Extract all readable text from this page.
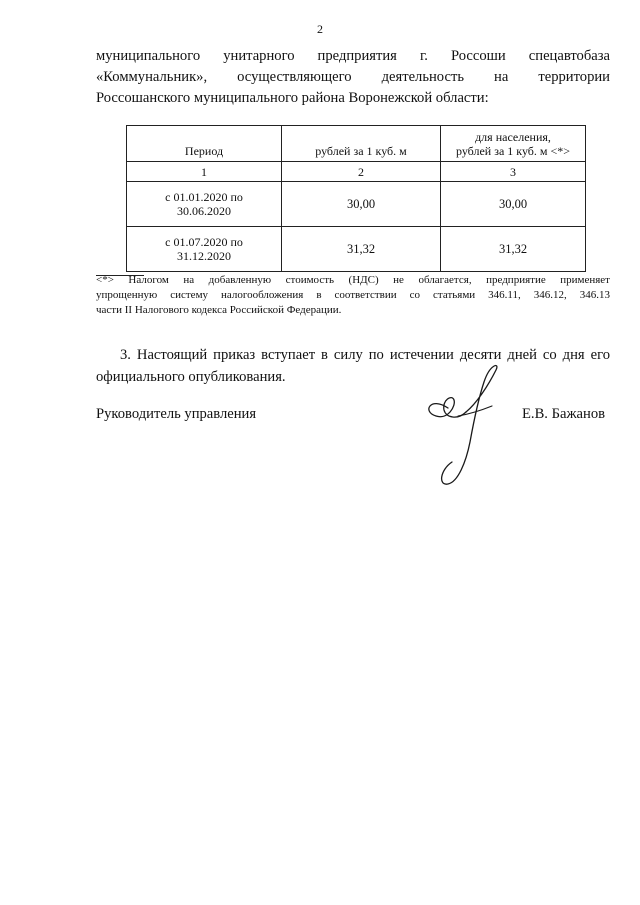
2
муниципального унитарного предприятия г. Россоши спецавтобаза
«Коммунальник», осуществляющего деятельность на территории
Россошанского муниципального района Воронежской области:
Период	рублей за 1 куб. м	для населения,
рублей за 1 куб. м <*>
1	2	3
с 01.01.2020 по
30.06.2020	30,00	30,00
с 01.07.2020 по
31.12.2020	31,32	31,32
<*> Налогом на добавленную стоимость (НДС) не облагается, предприятие применяет
упрощенную систему налогообложения в соответствии со статьями 346.11, 346.12, 346.13
части II Налогового кодекса Российской Федерации.
3. Настоящий приказ вступает в силу по истечении десяти дней со дня его
официального опубликования.
Руководитель управления	Е.В. Бажанов
